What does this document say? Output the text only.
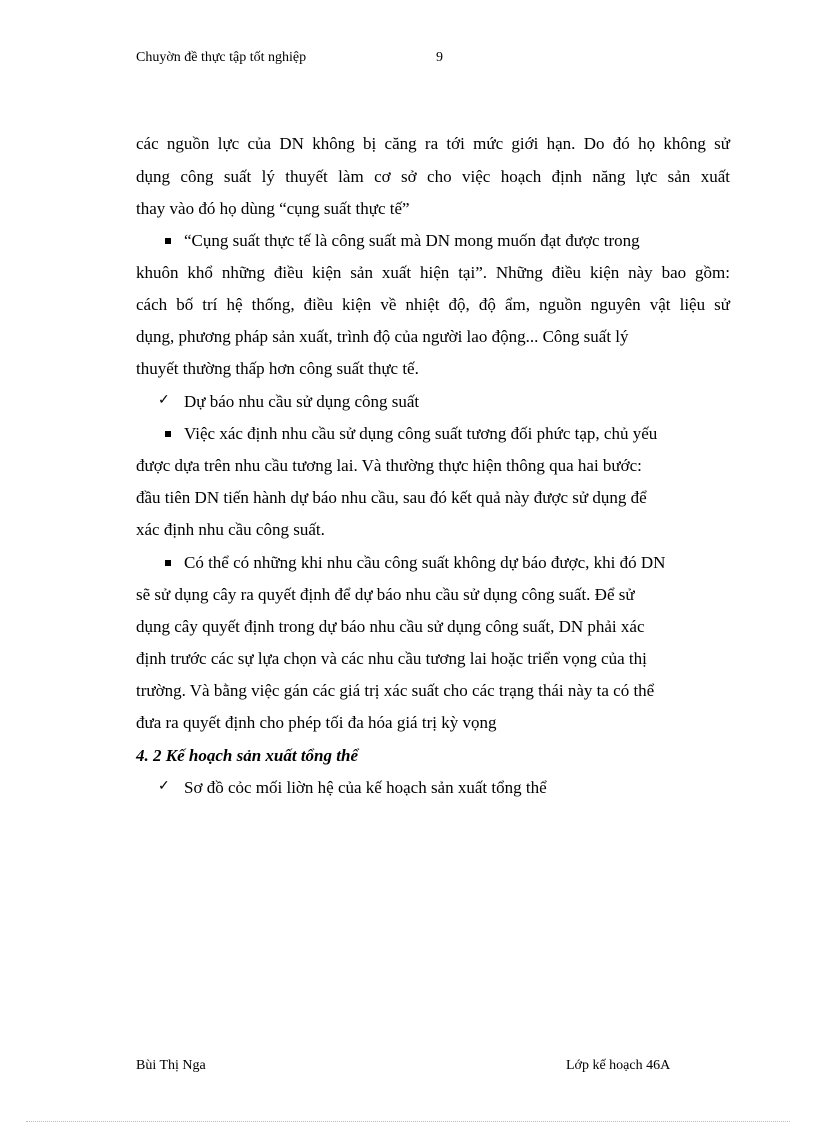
Chuyờn đề thực tập tốt nghiệp	9
các nguồn lực của DN không bị căng ra tới mức giới hạn. Do đó họ không sử
dụng công suất lý thuyết làm cơ sở cho việc hoạch định năng lực sản xuất
thay vào đó họ dùng “cụng suất thực tế”
“Cụng suất thực tế là công suất mà DN mong muốn đạt được trong
khuôn khổ những điều kiện sản xuất hiện tại”. Những điều kiện này bao gồm:
cách bố trí hệ thống, điều kiện về nhiệt độ, độ ẩm, nguồn nguyên vật liệu sử
dụng, phương pháp sản xuất, trình độ của người lao động... Công suất lý
thuyết thường thấp hơn công suất thực tế.
✓ Dự báo nhu cầu sử dụng công suất
Việc xác định nhu cầu sử dụng công suất tương đối phức tạp, chủ yếu
được dựa trên nhu cầu tương lai. Và thường thực hiện thông qua hai bước:
đầu tiên DN tiến hành dự báo nhu cầu, sau đó kết quả này được sử dụng để
xác định nhu cầu công suất.
Có thể có những khi nhu cầu công suất không dự báo được, khi đó DN
sẽ sử dụng cây ra quyết định để dự báo nhu cầu sử dụng công suất. Để sử
dụng cây quyết định trong dự báo nhu cầu sử dụng công suất, DN phải xác
định trước các sự lựa chọn và các nhu cầu tương lai hoặc triển vọng của thị
trường. Và bằng việc gán các giá trị xác suất cho các trạng thái này ta có thể
đưa ra quyết định cho phép tối đa hóa giá trị kỳ vọng
4. 2 Kế hoạch sản xuất tổng thể
✓ Sơ đồ cỏc mối liờn hệ của kế hoạch sản xuất tổng thể
Bùi Thị Nga	Lớp kế hoạch 46A
